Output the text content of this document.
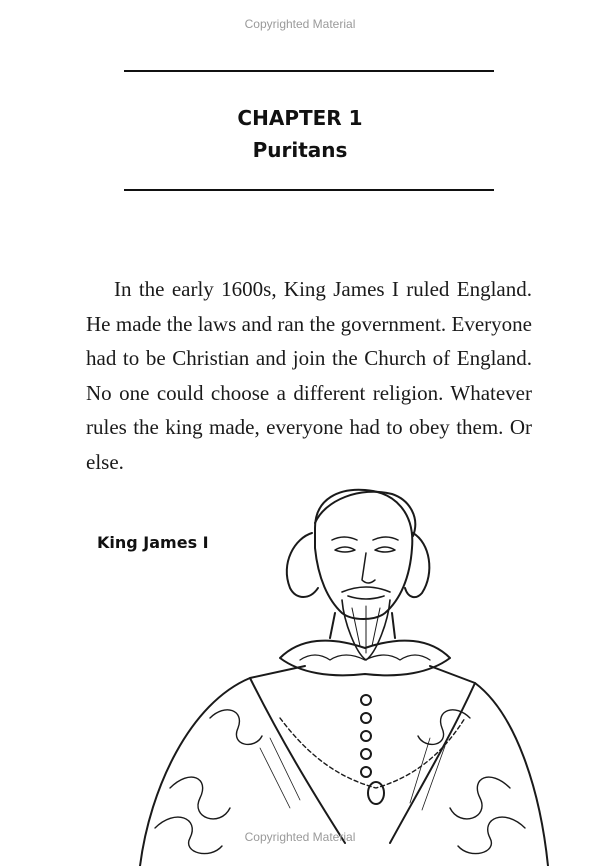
Copyrighted Material
CHAPTER 1
Puritans

In the early 1600s, King James I ruled England. He made the laws and ran the government. Everyone had to be Christian and join the Church of England. No one could choose a different religion. Whatever rules the king made, everyone had to obey them. Or else.

King James I
Copyrighted Material
